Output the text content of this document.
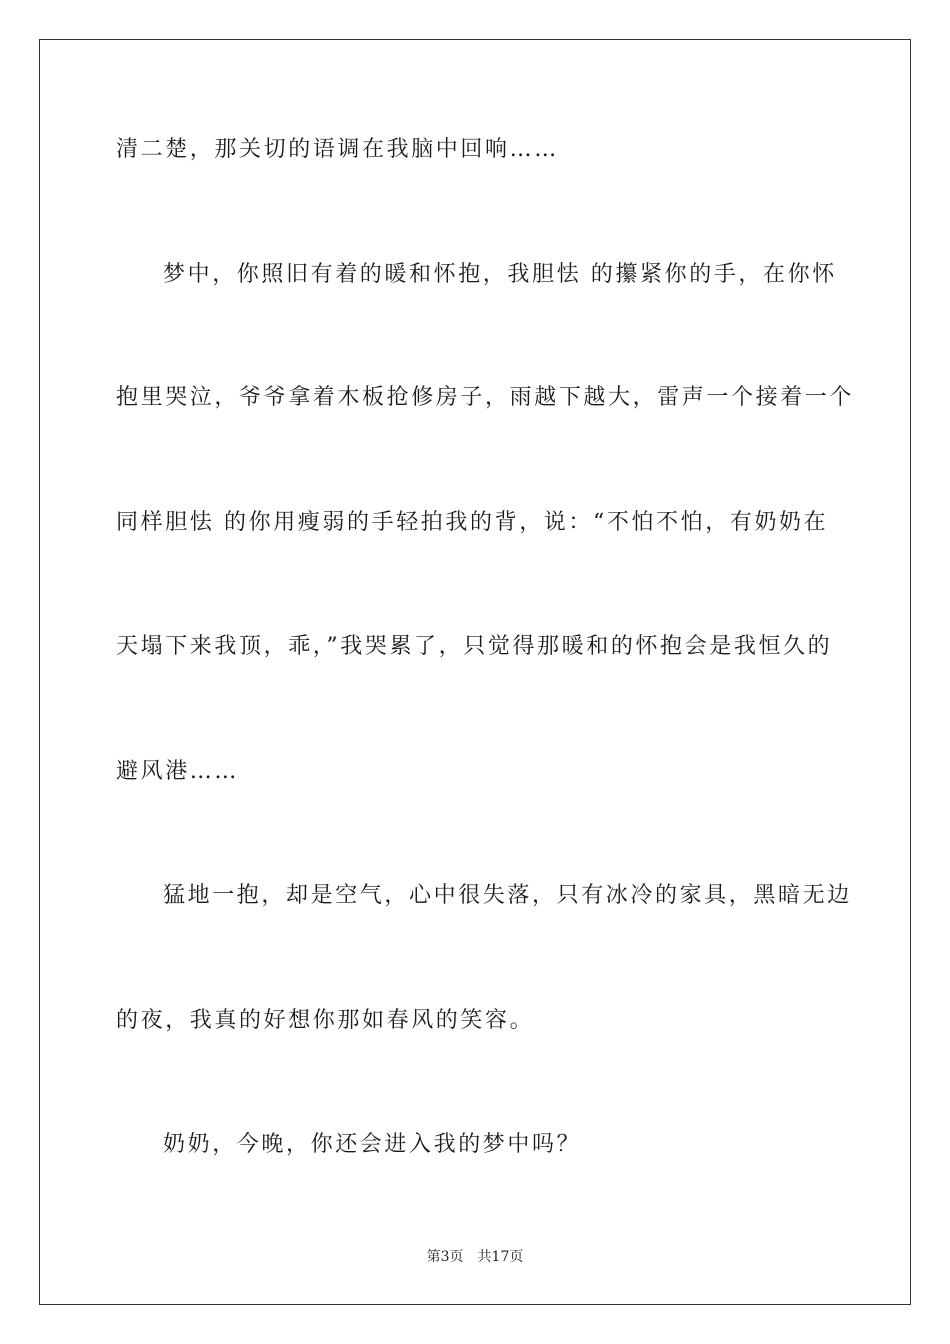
清二楚，那关切的语调在我脑中回响……
梦中，你照旧有着的暖和怀抱，我胆怯 的攥紧你的手，在你怀
抱里哭泣，爷爷拿着木板抢修房子，雨越下越大，雷声一个接着一个
同样胆怯 的你用瘦弱的手轻拍我的背，说：“不怕不怕，有奶奶在
天塌下来我顶，乖，”我哭累了，只觉得那暖和的怀抱会是我恒久的
避风港……
猛地一抱，却是空气，心中很失落，只有冰冷的家具，黑暗无边
的夜，我真的好想你那如春风的笑容。
奶奶，今晚，你还会进入我的梦中吗？
第3页 共17页
